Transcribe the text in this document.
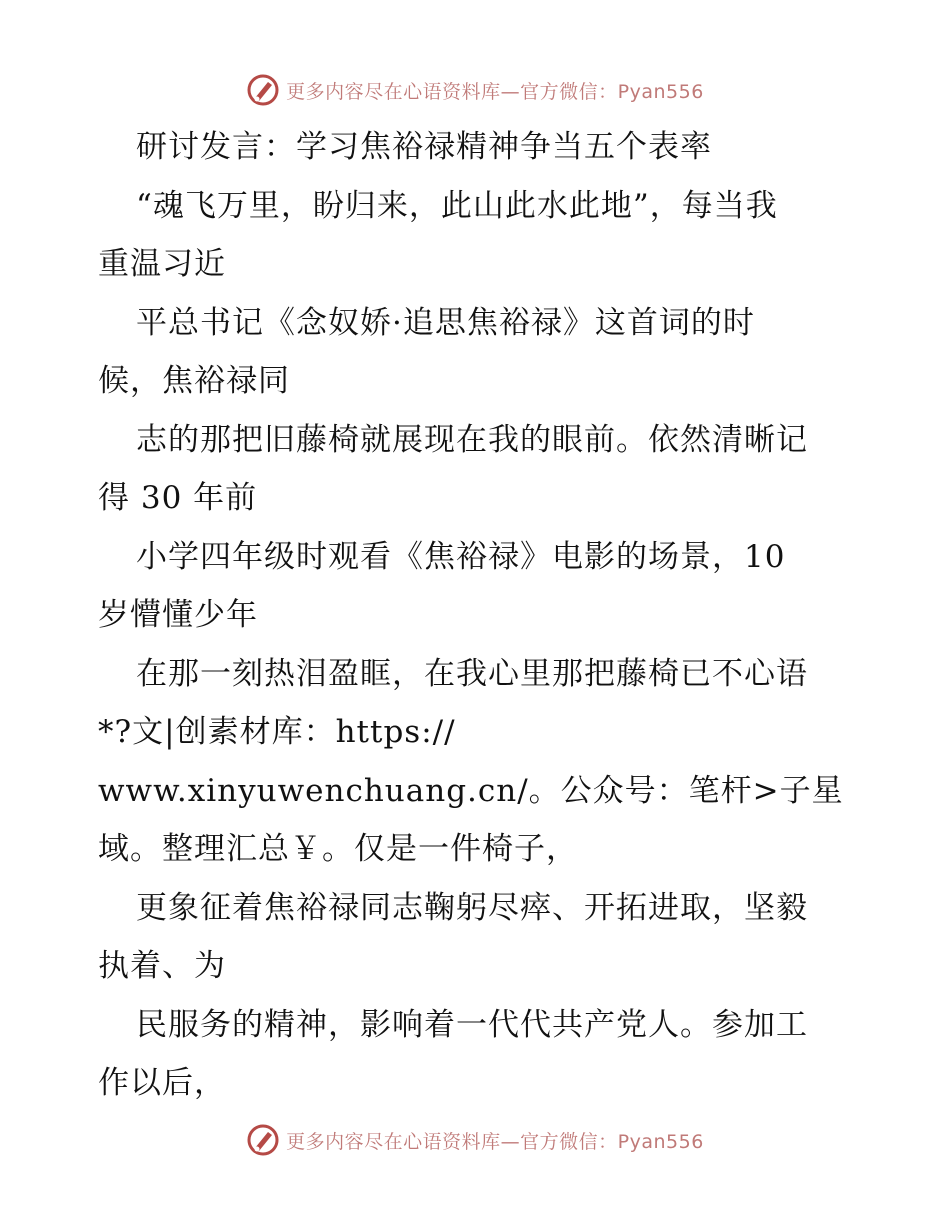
更多内容尽在心语资料库—官方微信：Pyan556
研讨发言：学习焦裕禄精神争当五个表率
“魂飞万里，盼归来，此山此水此地”，每当我
重温习近
平总书记《念奴娇·追思焦裕禄》这首词的时
候，焦裕禄同
志的那把旧藤椅就展现在我的眼前。依然清晰记
得 30 年前
小学四年级时观看《焦裕禄》电影的场景，10
岁懵懂少年
在那一刻热泪盈眶，在我心里那把藤椅已不心语
*?文|创素材库：https://
www.xinyuwenchuang.cn/。公众号：笔杆>子星
域。整理汇总￥。仅是一件椅子，
更象征着焦裕禄同志鞠躬尽瘁、开拓进取，坚毅
执着、为
民服务的精神，影响着一代代共产党人。参加工
作以后，
更多内容尽在心语资料库—官方微信：Pyan556
